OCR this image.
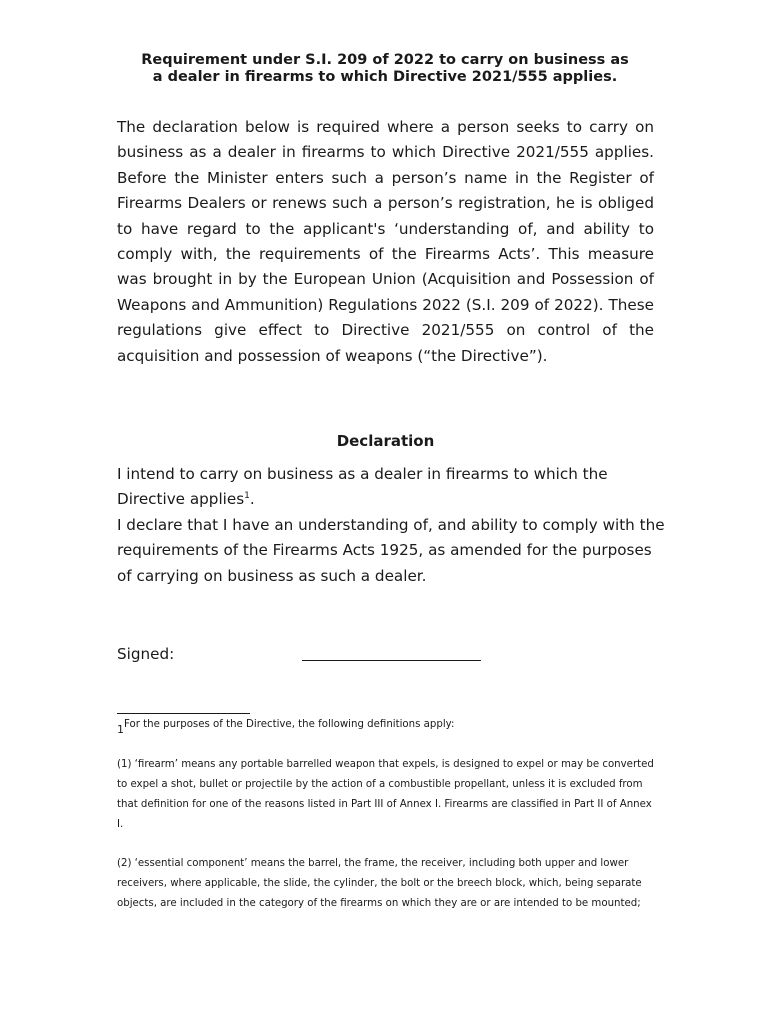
Requirement under S.I. 209 of 2022 to carry on business as
a dealer in firearms to which Directive 2021/555 applies.

The declaration below is required where a person seeks to carry on business as a dealer in firearms to which Directive 2021/555 applies. Before the Minister enters such a person’s name in the Register of Firearms Dealers or renews such a person’s registration, he is obliged to have regard to the applicant's ‘understanding of, and ability to comply with, the requirements of the Firearms Acts’. This measure was brought in by the European Union (Acquisition and Possession of Weapons and Ammunition) Regulations 2022 (S.I. 209 of 2022). These regulations give effect to Directive 2021/555 on control of the acquisition and possession of weapons (“the Directive”).

Declaration

I intend to carry on business as a dealer in firearms to which the Directive applies$^1$.

I declare that I have an understanding of, and ability to comply with the requirements of the Firearms Acts 1925, as amended for the purposes of carrying on business as such a dealer.

Signed:

1For the purposes of the Directive, the following definitions apply:

(1) ‘firearm’ means any portable barrelled weapon that expels, is designed to expel or may be converted to expel a shot, bullet or projectile by the action of a combustible propellant, unless it is excluded from that definition for one of the reasons listed in Part III of Annex I. Firearms are classified in Part II of Annex I.

(2) ‘essential component’ means the barrel, the frame, the receiver, including both upper and lower receivers, where applicable, the slide, the cylinder, the bolt or the breech block, which, being separate objects, are included in the category of the firearms on which they are or are intended to be mounted;
